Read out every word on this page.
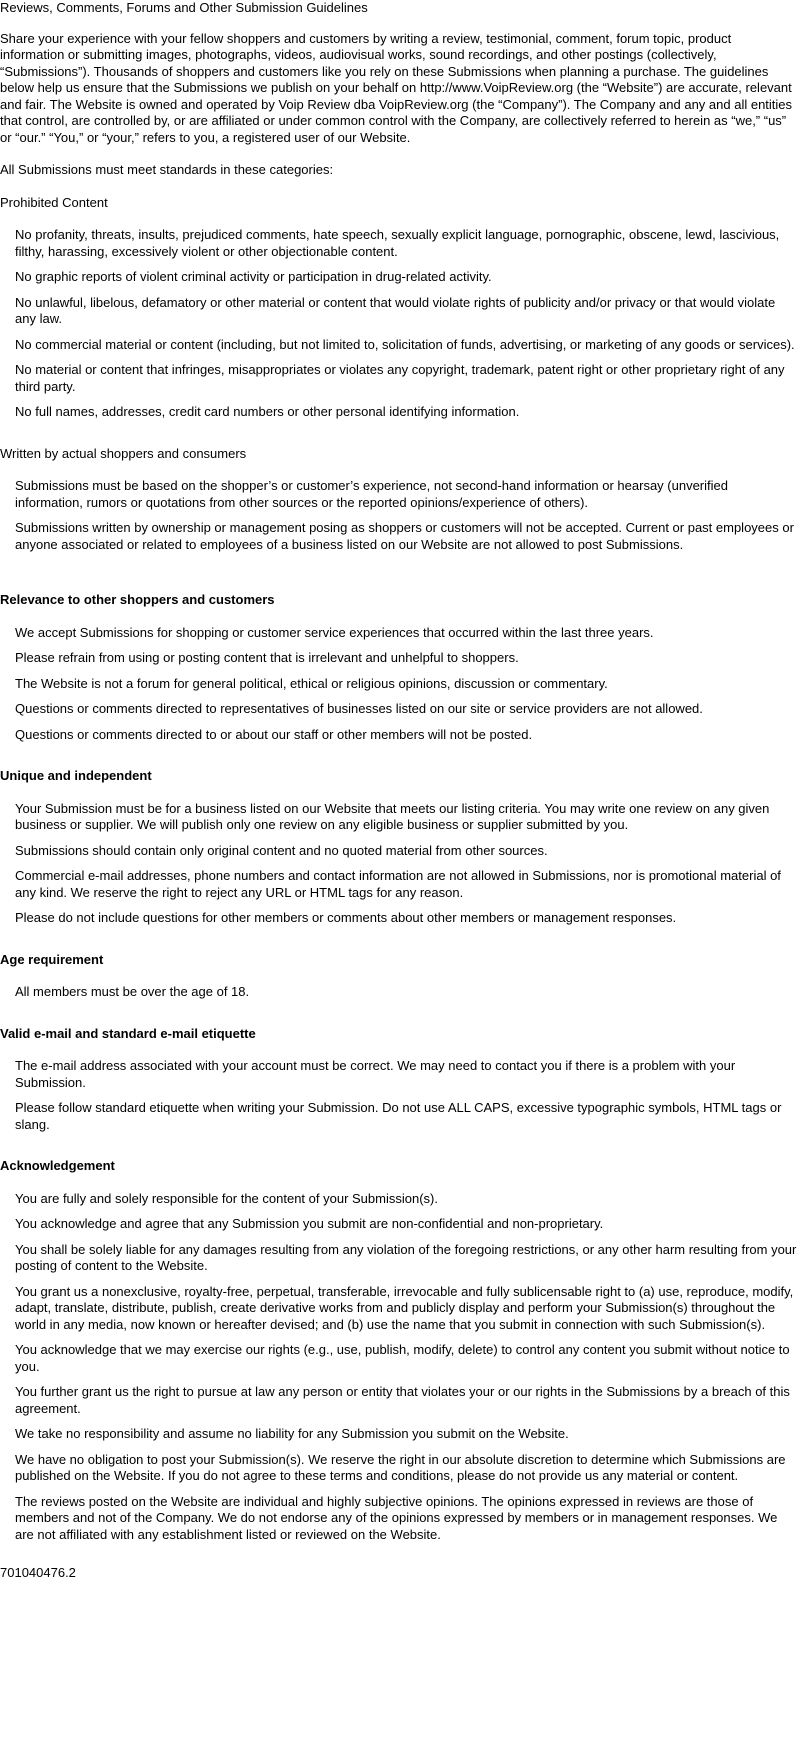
Reviews, Comments, Forums and Other Submission Guidelines

Share your experience with your fellow shoppers and customers by writing a review, testimonial, comment, forum topic, product information or submitting images, photographs, videos, audiovisual works, sound recordings, and other postings (collectively, “Submissions”). Thousands of shoppers and customers like you rely on these Submissions when planning a purchase. The guidelines below help us ensure that the Submissions we publish on your behalf on http://www.VoipReview.org (the “Website”) are accurate, relevant and fair. The Website is owned and operated by Voip Review dba VoipReview.org (the “Company”). The Company and any and all entities that control, are controlled by, or are affiliated or under common control with the Company, are collectively referred to herein as “we,” “us” or “our.” “You,” or “your,” refers to you, a registered user of our Website.

All Submissions must meet standards in these categories:

Prohibited Content

No profanity, threats, insults, prejudiced comments, hate speech, sexually explicit language, pornographic, obscene, lewd, lascivious, filthy, harassing, excessively violent or other objectionable content.
No graphic reports of violent criminal activity or participation in drug-related activity.
No unlawful, libelous, defamatory or other material or content that would violate rights of publicity and/or privacy or that would violate any law.
No commercial material or content (including, but not limited to, solicitation of funds, advertising, or marketing of any goods or services).
No material or content that infringes, misappropriates or violates any copyright, trademark, patent right or other proprietary right of any third party.
No full names, addresses, credit card numbers or other personal identifying information.

Written by actual shoppers and consumers

Submissions must be based on the shopper’s or customer’s experience, not second-hand information or hearsay (unverified information, rumors or quotations from other sources or the reported opinions/experience of others).
Submissions written by ownership or management posing as shoppers or customers will not be accepted. Current or past employees or anyone associated or related to employees of a business listed on our Website are not allowed to post Submissions.

Relevance to other shoppers and customers

We accept Submissions for shopping or customer service experiences that occurred within the last three years.
Please refrain from using or posting content that is irrelevant and unhelpful to shoppers.
The Website is not a forum for general political, ethical or religious opinions, discussion or commentary.
Questions or comments directed to representatives of businesses listed on our site or service providers are not allowed.
Questions or comments directed to or about our staff or other members will not be posted.

Unique and independent

Your Submission must be for a business listed on our Website that meets our listing criteria. You may write one review on any given business or supplier. We will publish only one review on any eligible business or supplier submitted by you.
Submissions should contain only original content and no quoted material from other sources.
Commercial e-mail addresses, phone numbers and contact information are not allowed in Submissions, nor is promotional material of any kind. We reserve the right to reject any URL or HTML tags for any reason.
Please do not include questions for other members or comments about other members or management responses.

Age requirement

All members must be over the age of 18.

Valid e-mail and standard e-mail etiquette

The e-mail address associated with your account must be correct. We may need to contact you if there is a problem with your Submission.
Please follow standard etiquette when writing your Submission. Do not use ALL CAPS, excessive typographic symbols, HTML tags or slang.

Acknowledgement

You are fully and solely responsible for the content of your Submission(s).
You acknowledge and agree that any Submission you submit are non-confidential and non-proprietary.
You shall be solely liable for any damages resulting from any violation of the foregoing restrictions, or any other harm resulting from your posting of content to the Website.
You grant us a nonexclusive, royalty-free, perpetual, transferable, irrevocable and fully sublicensable right to (a) use, reproduce, modify, adapt, translate, distribute, publish, create derivative works from and publicly display and perform your Submission(s) throughout the world in any media, now known or hereafter devised; and (b) use the name that you submit in connection with such Submission(s).
You acknowledge that we may exercise our rights (e.g., use, publish, modify, delete) to control any content you submit without notice to you.
You further grant us the right to pursue at law any person or entity that violates your or our rights in the Submissions by a breach of this agreement.
We take no responsibility and assume no liability for any Submission you submit on the Website.
We have no obligation to post your Submission(s). We reserve the right in our absolute discretion to determine which Submissions are published on the Website. If you do not agree to these terms and conditions, please do not provide us any material or content.
The reviews posted on the Website are individual and highly subjective opinions. The opinions expressed in reviews are those of members and not of the Company. We do not endorse any of the opinions expressed by members or in management responses. We are not affiliated with any establishment listed or reviewed on the Website.

701040476.2
